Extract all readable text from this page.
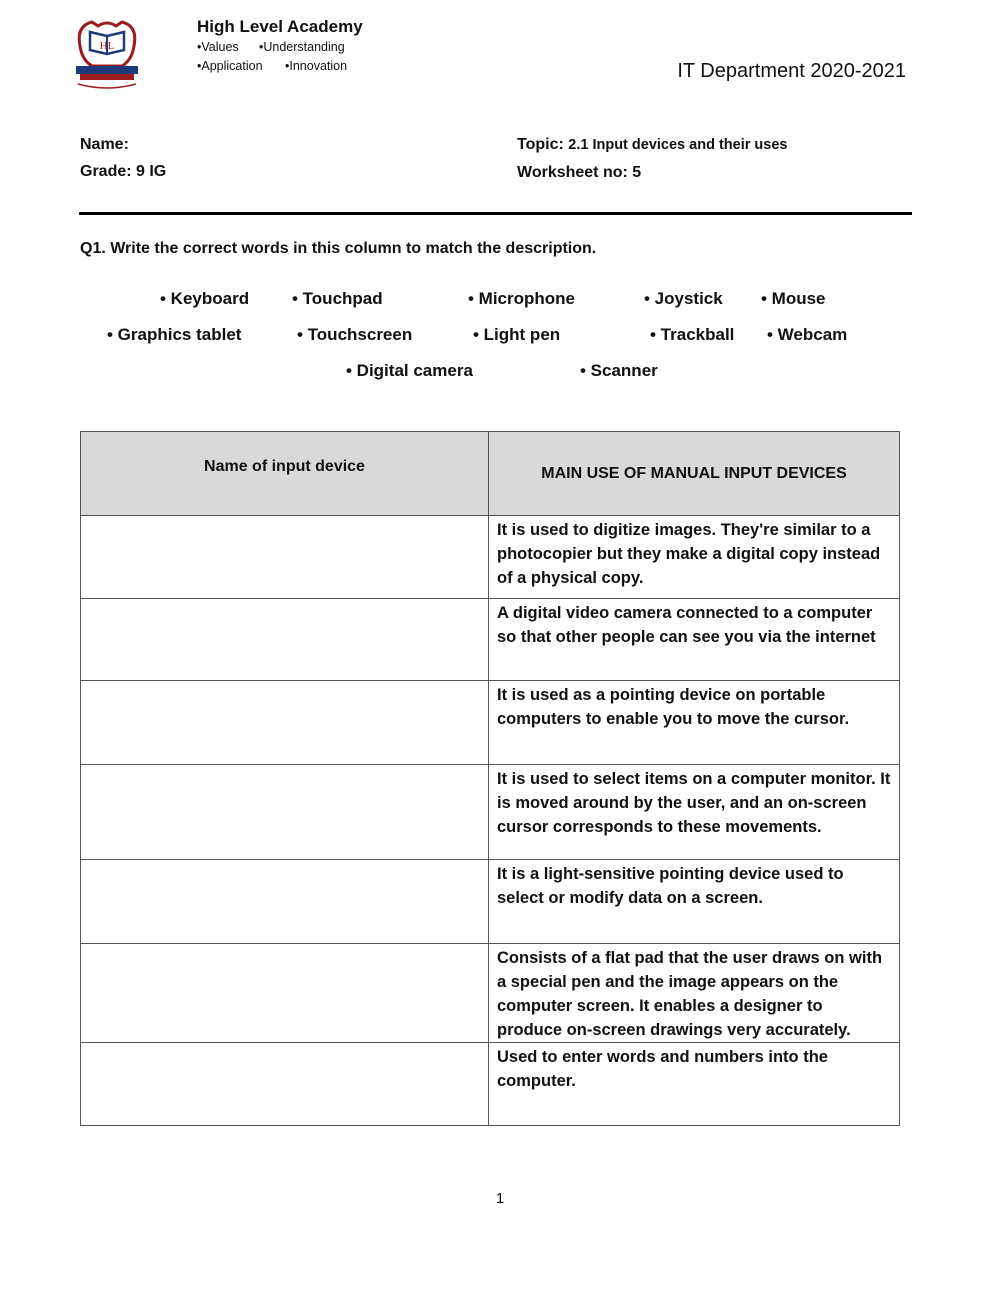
HL
High Level Academy
•Values	•Understanding
•Application	•Innovation	IT Department 2020-2021
Name:
Grade: 9 IG
Topic: 2.1 Input devices and their uses
Worksheet no: 5
Q1. Write the correct words in this column to match the description.
• Keyboard	• Touchpad	• Microphone	• Joystick • Mouse
• Graphics tablet	• Touchscreen	• Light pen	• Trackball • Webcam
• Digital camera	• Scanner
Name of input device	MAIN USE OF MANUAL INPUT DEVICES
	It is used to digitize images. They're similar to a photocopier but they make a digital copy instead of a physical copy.
	A digital video camera connected to a computer so that other people can see you via the internet
	It is used as a pointing device on portable computers to enable you to move the cursor.
	It is used to select items on a computer monitor. It is moved around by the user, and an on-screen cursor corresponds to these movements.
	It is a light-sensitive pointing device used to select or modify data on a screen.
	Consists of a flat pad that the user draws on with a special pen and the image appears on the computer screen. It enables a designer to produce on-screen drawings very accurately.
	Used to enter words and numbers into the computer.
1
